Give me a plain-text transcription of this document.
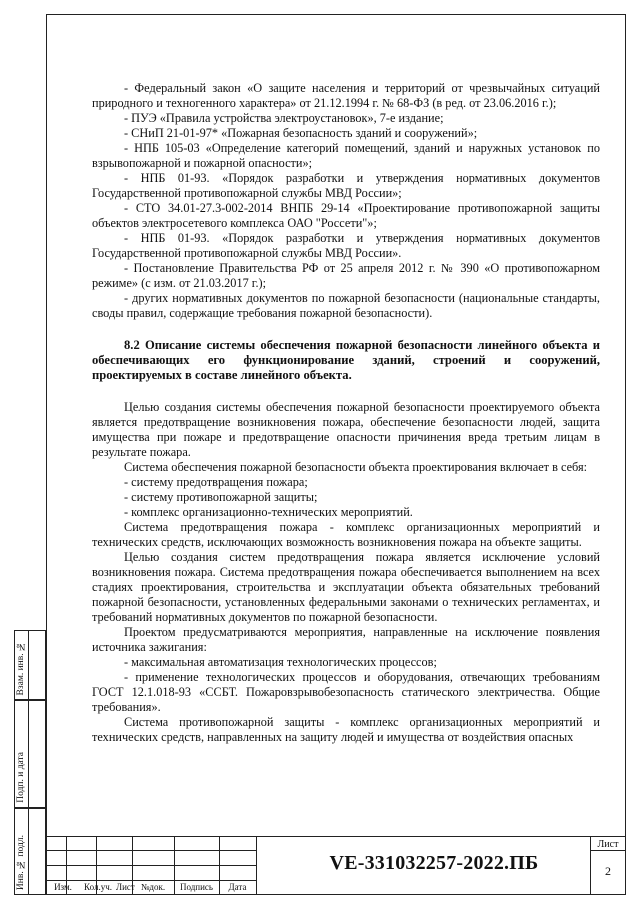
- Федеральный закон «О защите населения и территорий от чрезвычайных ситуаций природного и техногенного характера» от 21.12.1994 г. № 68-ФЗ (в ред. от 23.06.2016 г.);

- ПУЭ «Правила устройства электроустановок», 7-е издание;

- СНиП 21-01-97* «Пожарная безопасность зданий и сооружений»;

- НПБ 105-03 «Определение категорий помещений, зданий и наружных установок по взрывопожарной и пожарной опасности»;

- НПБ 01-93. «Порядок разработки и утверждения нормативных документов Государственной противопожарной службы МВД России»;

- СТО 34.01-27.3-002-2014 ВНПБ 29-14 «Проектирование противопожарной защиты объектов электросетевого комплекса ОАО "Россети"»;

- НПБ 01-93. «Порядок разработки и утверждения нормативных документов Государственной противопожарной службы МВД России».

- Постановление Правительства РФ от 25 апреля 2012 г. № 390 «О противопожарном режиме» (с изм. от 21.03.2017 г.);

- других нормативных документов по пожарной безопасности (национальные стандарты, своды правил, содержащие требования пожарной безопасности).

8.2 Описание системы обеспечения пожарной безопасности линейного объекта и обеспечивающих его функционирование зданий, строений и сооружений, проектируемых в составе линейного объекта.

Целью создания системы обеспечения пожарной безопасности проектируемого объекта является предотвращение возникновения пожара, обеспечение безопасности людей, защита имущества при пожаре и предотвращение опасности причинения вреда третьим лицам в результате пожара.

Система обеспечения пожарной безопасности объекта проектирования включает в себя:

- систему предотвращения пожара;

- систему противопожарной защиты;

- комплекс организационно-технических мероприятий.

Система предотвращения пожара - комплекс организационных мероприятий и технических средств, исключающих возможность возникновения пожара на объекте защиты.

Целью создания систем предотвращения пожара является исключение условий возникновения пожара. Система предотвращения пожара обеспечивается выполнением на всех стадиях проектирования, строительства и эксплуатации объекта обязательных требований пожарной безопасности, установленных федеральными законами о технических регламентах, и требований нормативных документов по пожарной безопасности.

Проектом предусматриваются мероприятия, направленные на исключение появления источника зажигания:

- максимальная автоматизация технологических процессов;

- применение технологических процессов и оборудования, отвечающих требованиям ГОСТ 12.1.018-93 «ССБТ. Пожаровзрывобезопасность статического электричества. Общие требования».

Система противопожарной защиты - комплекс организационных мероприятий и технических средств, направленных на защиту людей и имущества от воздействия опасных

Взам. инв. №
Подп. и дата
Инв. № подл.	Изм.	Кол.уч. Лист №док.	Подпись	Дата
VE-331032257-2022.ПБ
Лист
2
